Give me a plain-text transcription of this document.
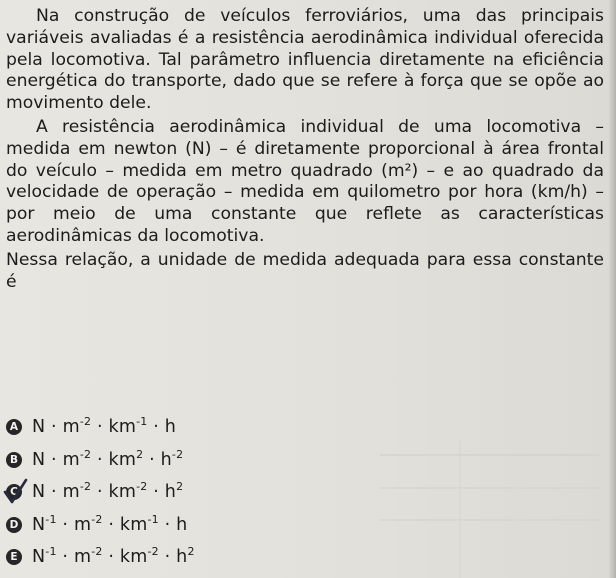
Na construção de veículos ferroviários, uma das principais variáveis avaliadas é a resistência aerodinâmica individual oferecida pela locomotiva. Tal parâmetro influencia diretamente na eficiência energética do transporte, dado que se refere à força que se opõe ao movimento dele.

A resistência aerodinâmica individual de uma locomotiva – medida em newton (N) – é diretamente proporcional à área frontal do veículo – medida em metro quadrado (m²) – e ao quadrado da velocidade de operação – medida em quilometro por hora (km/h) – por meio de uma constante que reflete as características aerodinâmicas da locomotiva.

Nessa relação, a unidade de medida adequada para essa constante é

A $N \cdot m^{-2} \cdot km^{-1} \cdot h$
B $N \cdot m^{-2} \cdot km^2 \cdot h^{-2}$
C $N \cdot m^{-2} \cdot km^{-2} \cdot h^2$
D $N^{-1} \cdot m^{-2} \cdot km^{-1} \cdot h$
E $N^{-1} \cdot m^{-2} \cdot km^{-2} \cdot h^2$
